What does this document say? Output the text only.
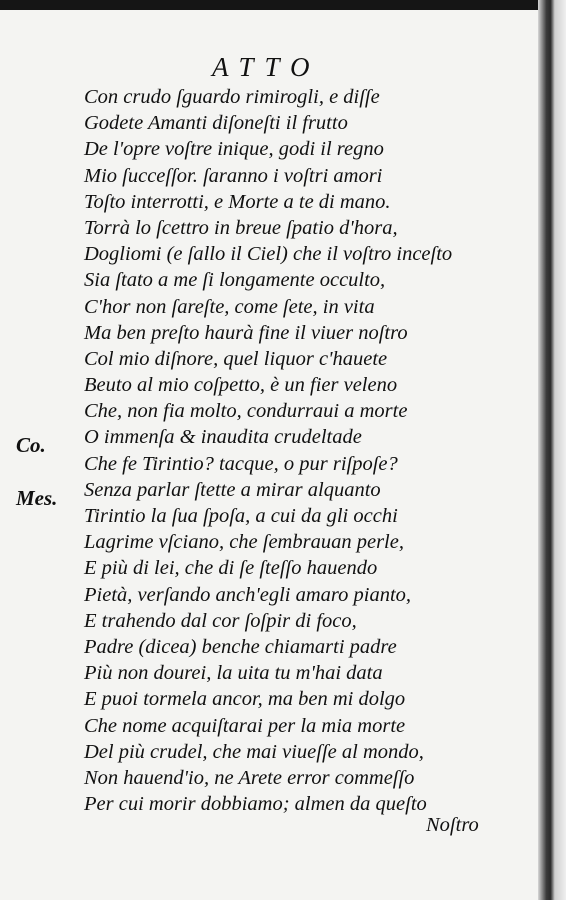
ATTO
Co.
Mes.
Con crudo ſguardo rimirogli, e diſſe
Godete Amanti diſoneſti il frutto
De l'opre voſtre inique, godi il regno
Mio ſucceſſor. ſaranno i voſtri amori
Toſto interrotti, e Morte a te di mano.
Torrà lo ſcettro in breue ſpatio d'hora,
Dogliomi (e ſallo il Ciel) che il voſtro inceſto
Sia ſtato a me ſi longamente occulto,
C'hor non ſareſte, come ſete, in vita
Ma ben preſto haurà fine il viuer noſtro
Col mio diſnore, quel liquor c'hauete
Beuto al mio coſpetto, è un fier veleno
Che, non fia molto, condurraui a morte
O immenſa & inaudita crudeltade
Che fe Tirintio? tacque, o pur riſpoſe?
Senza parlar ſtette a mirar alquanto
Tirintio la ſua ſpoſa, a cui da gli occhi
Lagrime vſciano, che ſembrauan perle,
E più di lei, che di ſe ſteſſo hauendo
Pietà, verſando anch'egli amaro pianto,
E trahendo dal cor ſoſpir di foco,
Padre (dicea) benche chiamarti padre
Più non dourei, la uita tu m'hai data
E puoi tormela ancor, ma ben mi dolgo
Che nome acquiſtarai per la mia morte
Del più crudel, che mai viueſſe al mondo,
Non hauend'io, ne Arete error commeſſo
Per cui morir dobbiamo; almen da queſto
Noſtro
